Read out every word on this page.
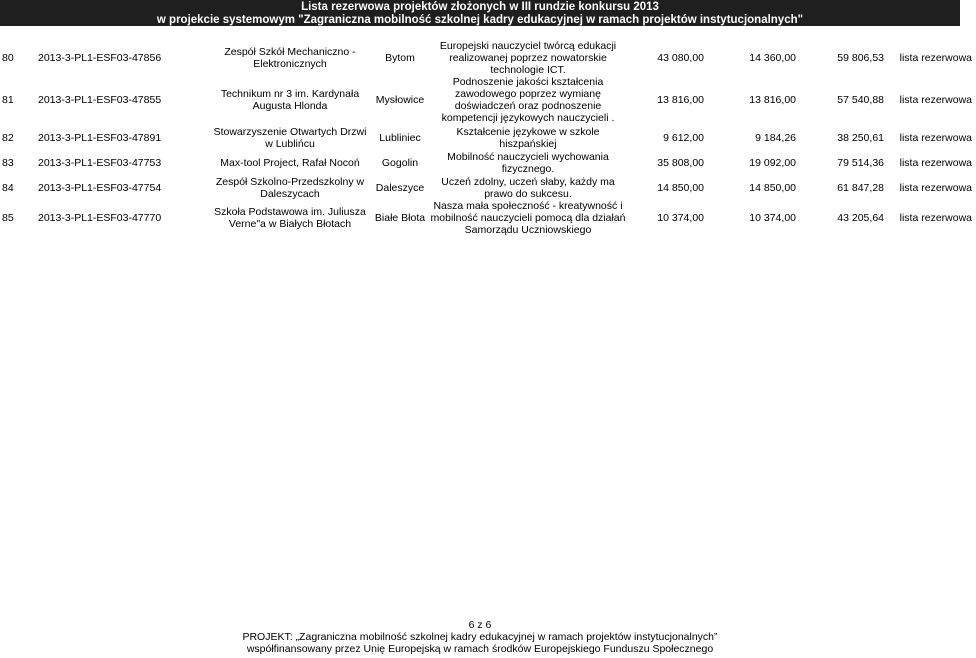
Lista rezerwowa projektów złożonych w III rundzie konkursu 2013
w projekcie systemowym "Zagraniczna mobilność szkolnej kadry edukacyjnej w ramach projektów instytucjonalnych"
80	2013-3-PL1-ESF03-47856	Zespół Szkół Mechaniczno - Elektronicznych	Bytom	Europejski nauczyciel twórcą edukacji realizowanej poprzez nowatorskie technologie ICT.	43 080,00	14 360,00	59 806,53	lista rezerwowa
81	2013-3-PL1-ESF03-47855	Technikum nr 3 im. Kardynała Augusta Hlonda	Mysłowice	Podnoszenie jakości kształcenia zawodowego poprzez wymianę doświadczeń oraz podnoszenie kompetencji językowych nauczycieli .	13 816,00	13 816,00	57 540,88	lista rezerwowa
82	2013-3-PL1-ESF03-47891	Stowarzyszenie Otwartych Drzwi w Lublińcu	Lubliniec	Kształcenie językowe w szkole hiszpańskiej	9 612,00	9 184,26	38 250,61	lista rezerwowa
83	2013-3-PL1-ESF03-47753	Max-tool Project, Rafał Nocoń	Gogolin	Mobilność nauczycieli wychowania fizycznego.	35 808,00	19 092,00	79 514,36	lista rezerwowa
84	2013-3-PL1-ESF03-47754	Zespół Szkolno-Przedszkolny w Daleszycach	Daleszyce	Uczeń zdolny, uczeń słaby, każdy ma prawo do sukcesu.	14 850,00	14 850,00	61 847,28	lista rezerwowa
85	2013-3-PL1-ESF03-47770	Szkoła Podstawowa im. Juliusza Verne"a w Białych Błotach	Białe Błota	Nasza mała społeczność - kreatywność i mobilność nauczycieli pomocą dla działań Samorządu Uczniowskiego	10 374,00	10 374,00	43 205,64	lista rezerwowa
6 z 6
PROJEKT: „Zagraniczna mobilność szkolnej kadry edukacyjnej w ramach projektów instytucjonalnych”
współfinansowany przez Unię Europejską w ramach środków Europejskiego Funduszu Społecznego
